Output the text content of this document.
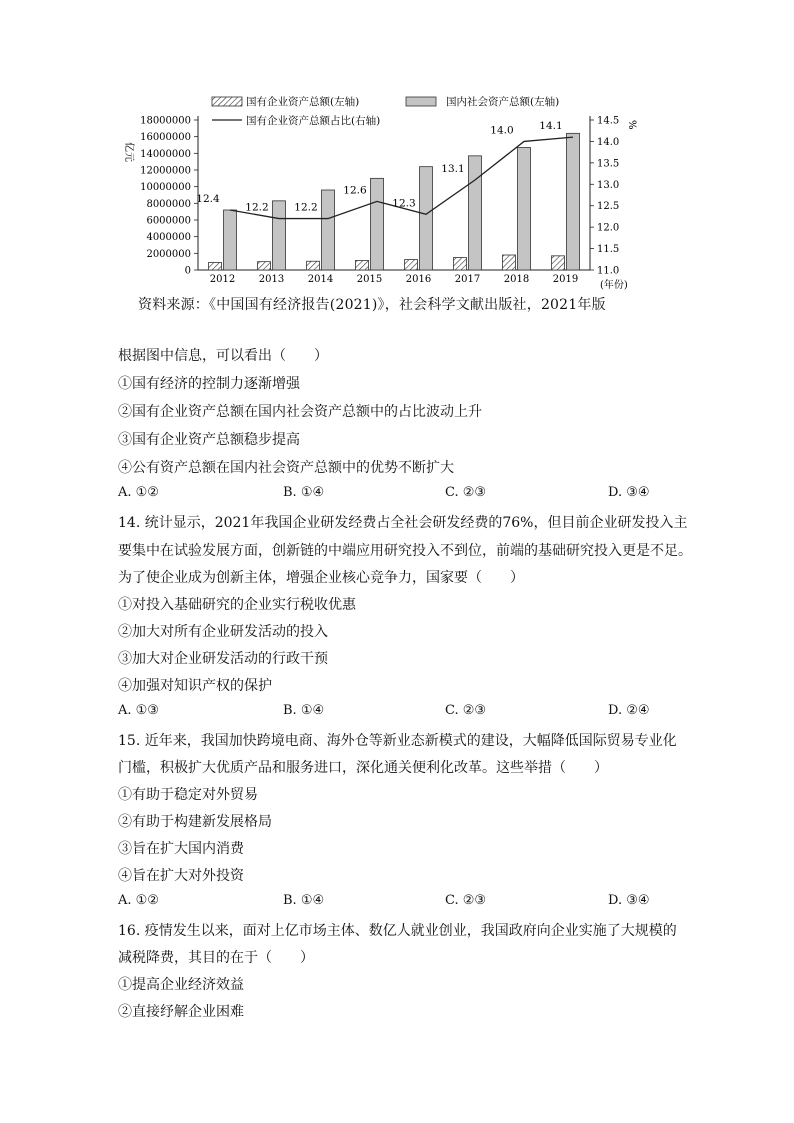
国有企业资产总额(左轴)	国内社会资产总额(左轴)
国有企业资产总额占比(右轴)
亿元
%
(年份)
0
2000000
4000000
6000000
8000000
10000000
12000000
14000000
16000000
18000000
11.0
11.5
12.0
12.5
13.0
13.5
14.0
14.5
2012 2013 2014 2015 2016 2017 2018 2019
12.4
12.2 12.2
12.6
12.3
13.1
14.0 14.1
资料来源：《中国国有经济报告(2021)》，社会科学文献出版社，2021年版
根据图中信息，可以看出（　　）
①国有经济的控制力逐渐增强
②国有企业资产总额在国内社会资产总额中的占比波动上升
③国有企业资产总额稳步提高
④公有资产总额在国内社会资产总额中的优势不断扩大
A. ①②	B. ①④	C. ②③	D. ③④
14. 统计显示，2021年我国企业研发经费占全社会研发经费的76%，但目前企业研发投入主
要集中在试验发展方面，创新链的中端应用研究投入不到位，前端的基础研究投入更是不足。
为了使企业成为创新主体，增强企业核心竞争力，国家要（　　）
①对投入基础研究的企业实行税收优惠
②加大对所有企业研发活动的投入
③加大对企业研发活动的行政干预
④加强对知识产权的保护
A. ①③	B. ①④	C. ②③	D. ②④
15. 近年来，我国加快跨境电商、海外仓等新业态新模式的建设，大幅降低国际贸易专业化
门槛，积极扩大优质产品和服务进口，深化通关便利化改革。这些举措（　　）
①有助于稳定对外贸易
②有助于构建新发展格局
③旨在扩大国内消费
④旨在扩大对外投资
A. ①②	B. ①④	C. ②③	D. ③④
16. 疫情发生以来，面对上亿市场主体、数亿人就业创业，我国政府向企业实施了大规模的
减税降费，其目的在于（　　）
①提高企业经济效益
②直接纾解企业困难
